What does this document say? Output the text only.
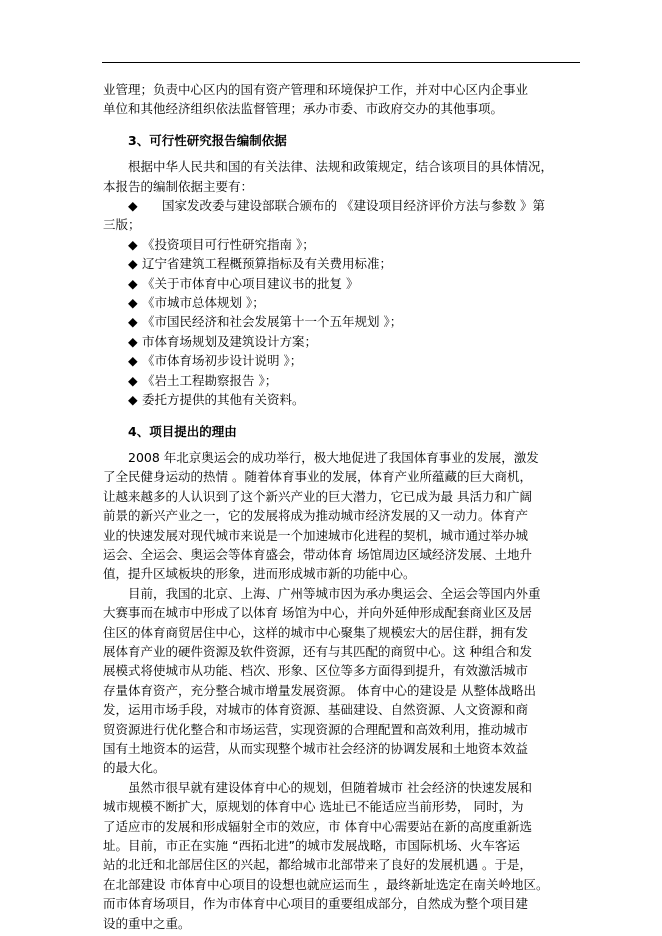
业管理；负责中心区内的国有资产管理和环境保护工作，并对中心区内企事业
单位和其他经济组织依法监督管理；承办市委、市政府交办的其他事项。
3、可行性研究报告编制依据
根据中华人民共和国的有关法律、法规和政策规定，结合该项目的具体情况，
本报告的编制依据主要有：
◆ 国家发改委与建设部联合颁布的 《建设项目经济评价方法与参数 》第
三版；
◆ 《投资项目可行性研究指南 》；
◆ 辽宁省建筑工程概预算指标及有关费用标准；
◆ 《关于市体育中心项目建议书的批复 》
◆ 《市城市总体规划 》；
◆ 《市国民经济和社会发展第十一个五年规划 》；
◆ 市体育场规划及建筑设计方案；
◆ 《市体育场初步设计说明 》；
◆ 《岩土工程勘察报告 》；
◆ 委托方提供的其他有关资料。
4、项目提出的理由
2008 年北京奥运会的成功举行，极大地促进了我国体育事业的发展，激发
了全民健身运动的热情 。随着体育事业的发展，体育产业所蕴藏的巨大商机，
让越来越多的人认识到了这个新兴产业的巨大潜力，它已成为最 具活力和广阔
前景的新兴产业之一，它的发展将成为推动城市经济发展的又一动力。体育产
业的快速发展对现代城市来说是一个加速城市化进程的契机，城市通过举办城
运会、全运会、奥运会等体育盛会，带动体育 场馆周边区域经济发展、土地升
值，提升区域板块的形象，进而形成城市新的功能中心。
目前，我国的北京、上海、广州等城市因为承办奥运会、全运会等国内外重
大赛事而在城市中形成了以体育 场馆为中心，并向外延伸形成配套商业区及居
住区的体育商贸居住中心，这样的城市中心聚集了规模宏大的居住群，拥有发
展体育产业的硬件资源及软件资源，还有与其匹配的商贸中心。这 种组合和发
展模式将使城市从功能、档次、形象、区位等多方面得到提升，有效激活城市
存量体育资产，充分整合城市增量发展资源。 体育中心的建设是 从整体战略出
发，运用市场手段，对城市的体育资源、基础建设、自然资源、人文资源和商
贸资源进行优化整合和市场运营，实现资源的合理配置和高效利用，推动城市
国有土地资本的运营，从而实现整个城市社会经济的协调发展和土地资本效益
的最大化。
虽然市很早就有建设体育中心的规划，但随着城市 社会经济的快速发展和
城市规模不断扩大，原规划的体育中心 选址已不能适应当前形势， 同时，为
了适应市的发展和形成辐射全市的效应，市 体育中心需要站在新的高度重新选
址。目前，市正在实施 “西拓北进”的城市发展战略，市国际机场、火车客运
站的北迁和北部居住区的兴起，都给城市北部带来了良好的发展机遇 。于是，
在北部建设 市体育中心项目的设想也就应运而生 ，最终新址选定在南关岭地区。
而市体育场项目，作为市体育中心项目的重要组成部分，自然成为整个项目建
设的重中之重。
